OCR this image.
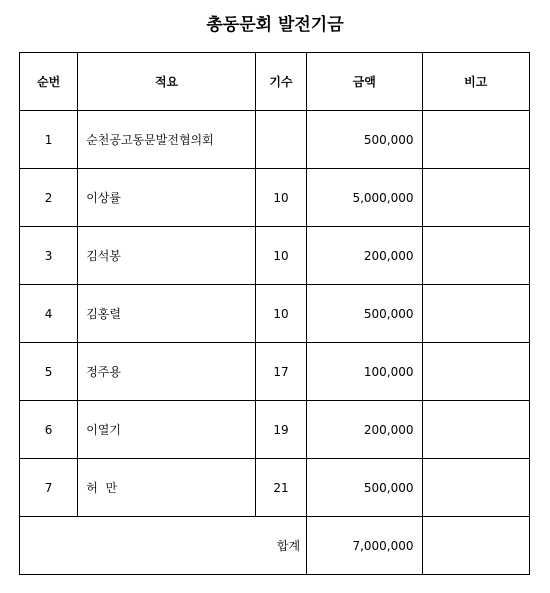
총동문회 발전기금
순번	적요	기수	금액	비고
1	순천공고동문발전협의회		500,000	
2	이상률	10	5,000,000	
3	김석봉	10	200,000	
4	김홍렬	10	500,000	
5	정주용	17	100,000	
6	이열기	19	200,000	
7	허  만	21	500,000	
합계			7,000,000	
